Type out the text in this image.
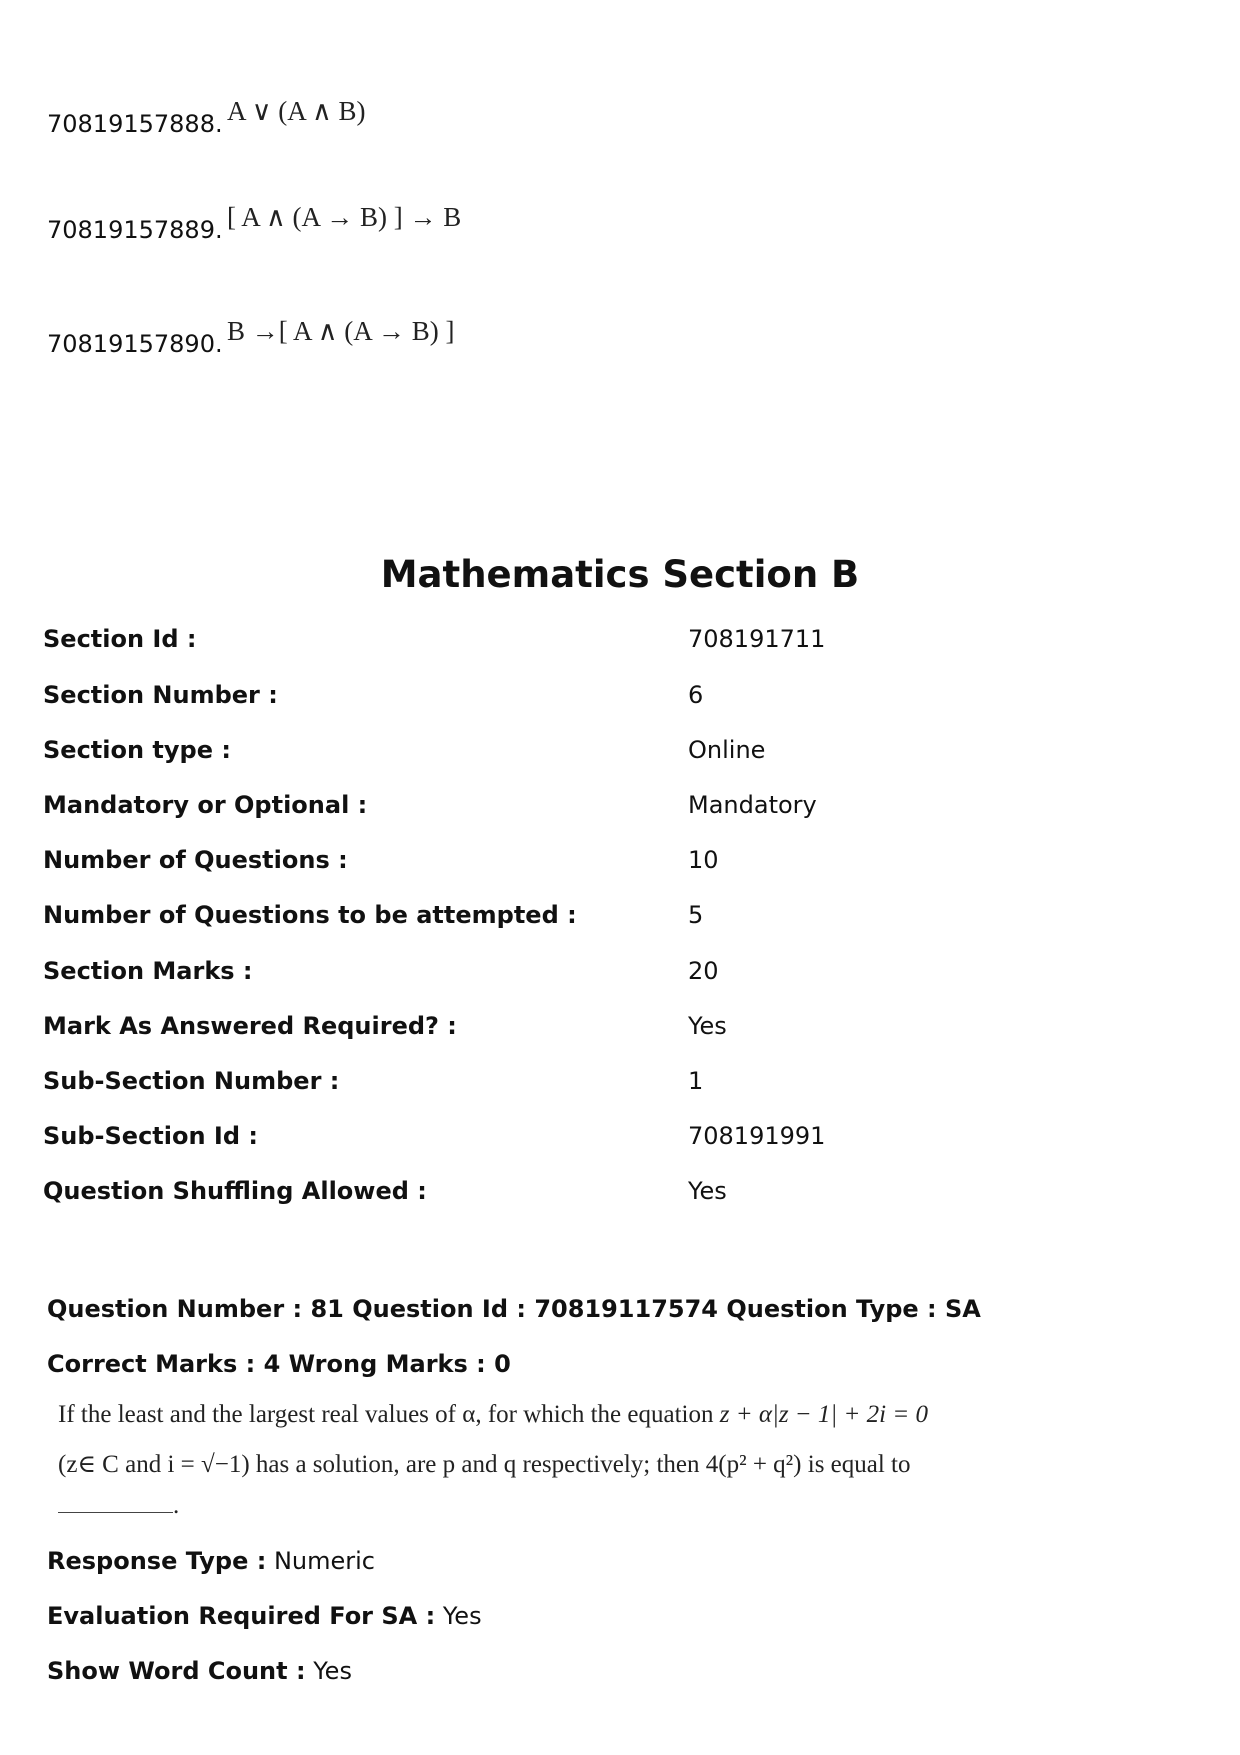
70819157888. A ∨ (A ∧ B)
70819157889. [ A ∧ (A → B) ] → B
70819157890. B →[ A ∧ (A → B) ]
Mathematics Section B
Section Id :	708191711
Section Number :	6
Section type :	Online
Mandatory or Optional :	Mandatory
Number of Questions :	10
Number of Questions to be attempted :	5
Section Marks :	20
Mark As Answered Required? :	Yes
Sub-Section Number :	1
Sub-Section Id :	708191991
Question Shuffling Allowed :	Yes
Question Number : 81 Question Id : 70819117574 Question Type : SA
Correct Marks : 4 Wrong Marks : 0
If the least and the largest real values of α, for which the equation z + α|z − 1| + 2i = 0
(z∈ C and i = √−1) has a solution, are p and q respectively; then 4(p² + q²) is equal to
.
Response Type : Numeric
Evaluation Required For SA : Yes
Show Word Count : Yes
